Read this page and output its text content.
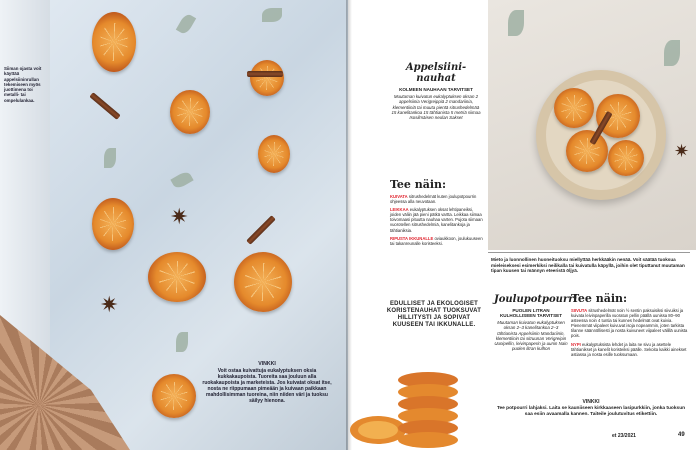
✷
✷
Siiman ojasta voit käyttää appelsiininrullan tekemiseen myös juottimena toi metalli- tai ompelulankaa.
VINKKI
Voit ostaa kuivattuja eukalyptuksen oksia kukkakaupoista. Tuoreita saa jouluun alla ruokakaupoista ja marketeista. Jos kuivatat oksat itse, nosta ne riippumaan pimeään ja kuivaan paikkaan mahdollisimman tuoreina, niin niiden väri ja tuoksu säilyy hienona.
Appelsiini-nauhat
KOLMEEN NAUHAAN TARVITSET
Muutaman kuivatun eukalyptuksen oksan 2 appelsiinia Verigreippiä 2 mandariinia, klementiiniä tai muuta pientä sitrushedelmää 15 kanelitankoa 15 tähtianista 5 metriä siimaa Isosilmäisen neulan Sakset
Tee näin:

KUIVATA sitrushedelmät kuten joulupotpourrin ohjeessa alla neuvotaan.

LEIKKAA eukalyptuksen oksat lehtipaneiksi, joiden väliin jää pieni pätkä vartta. Leikkaa siimaa toivomaasi pituutta nauhaa varten. Pujota siimaan vuorotellen sitrushedelmiä, kanelitankoja ja tähtianiksia.

RIPUSTA IKKUNALLE oviaukkoon, joulukuuseen tai takanreunalle koristeeksi.

EDULLISET JA EKOLOGISET KORISTENAUHAT TUOKSUVAT HILLITYSTI JA SOPIVAT KUUSEEN TAI IKKUNALLE.
✷
Mieto ja luonnollinen huoneituoksu miellyttää herkkääkin nenää. Voit säätää tuoksua mieleiseksesi esimerkiksi neilikalla tai kuivatulla käpyllä, joihin olet tiputtanut muutaman tipan kuusen tai männyn eteeristä öljyä.
Joulupotpourri
PUOLEN LITRAN KULHOLLISEEN TARVITSET
Muutaman kuivatun eukalyptuksen oksan 2–3 kanelitankoa 2–3 tähtianista Appelsiinin Mandariinin, klementiinin tai sitruunan Verigreipin Uunipellin, leivinpaperin ja uunin Nain puolen litran kulhon
Tee näin:

SIIVUTA sitrushedelmät noin ½ sentin paksuisiksi siivuiksi ja kuivata leivinpaperilla vuoratun pellin päällä uunissa 80–90 asteessa noin 4 tuntia tai kunnes hedelmät ovat kuivia. Pienemmät viipaleet kuivuvat isoja nopeammin, joten tarkista tilanne säännöllisesti ja nosta kuivuneet viipaleet välillä uunista pois.

NYPI eukalyptuksista lehdet ja laita ne sivu ja asettele tähtianikset ja kanelit koristeiksi päälle. Sekoita kaikki ainekset astiassa ja nosta esille tuoksumaan.

VINKKI
Tee potpourri lahjaksi. Laita se kauniiseen kirkkaaseen lasipurkkiin, jonka tuoksun saa esiin avaamalla kannen. Taiteile joulutuvitus etikettiin.
et 23/2021	49
